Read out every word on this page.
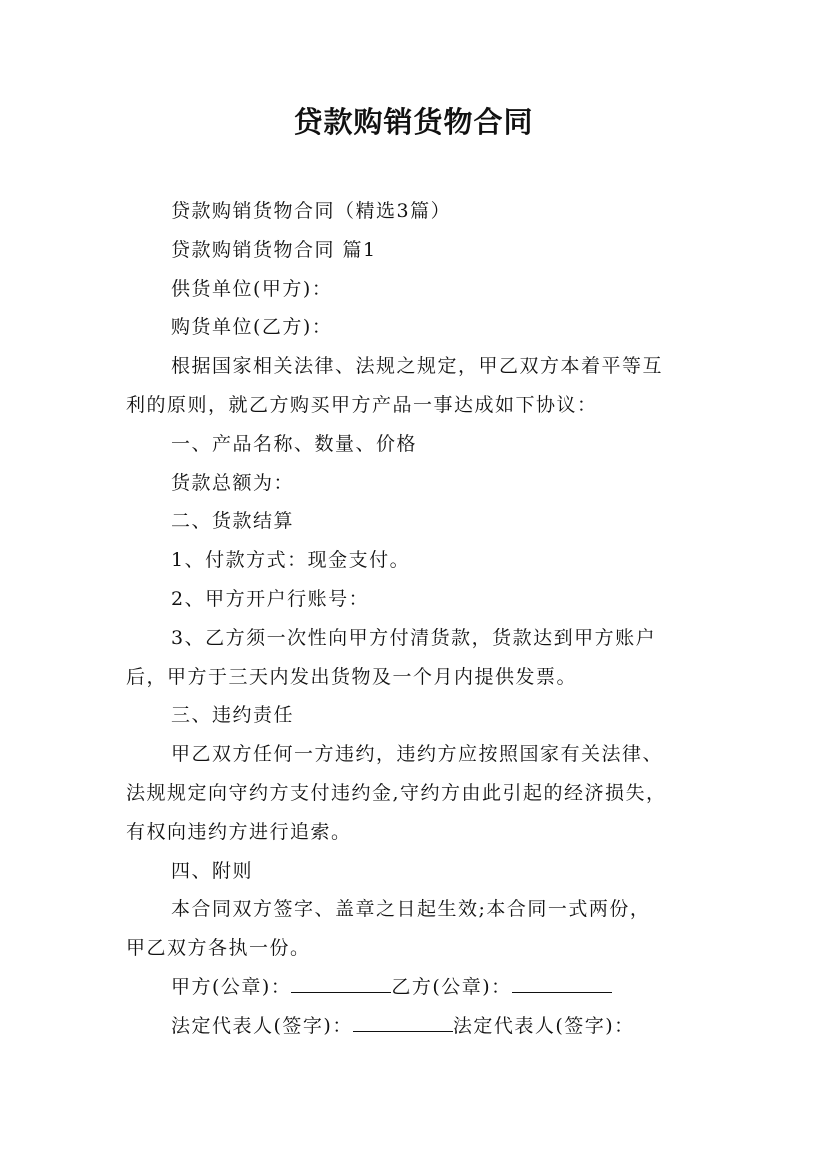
贷款购销货物合同

贷款购销货物合同（精选3篇）

贷款购销货物合同 篇1

供货单位(甲方)：

购货单位(乙方)：

根据国家相关法律、法规之规定，甲乙双方本着平等互

利的原则，就乙方购买甲方产品一事达成如下协议：

一、产品名称、数量、价格

货款总额为：

二、货款结算

1、付款方式：现金支付。

2、甲方开户行账号：

3、乙方须一次性向甲方付清货款，货款达到甲方账户

后，甲方于三天内发出货物及一个月内提供发票。

三、违约责任

甲乙双方任何一方违约，违约方应按照国家有关法律、

法规规定向守约方支付违约金,守约方由此引起的经济损失，

有权向违约方进行追索。

四、附则

本合同双方签字、盖章之日起生效;本合同一式两份，

甲乙双方各执一份。

甲方(公章)：	乙方(公章)：

法定代表人(签字)：	法定代表人(签字)：
